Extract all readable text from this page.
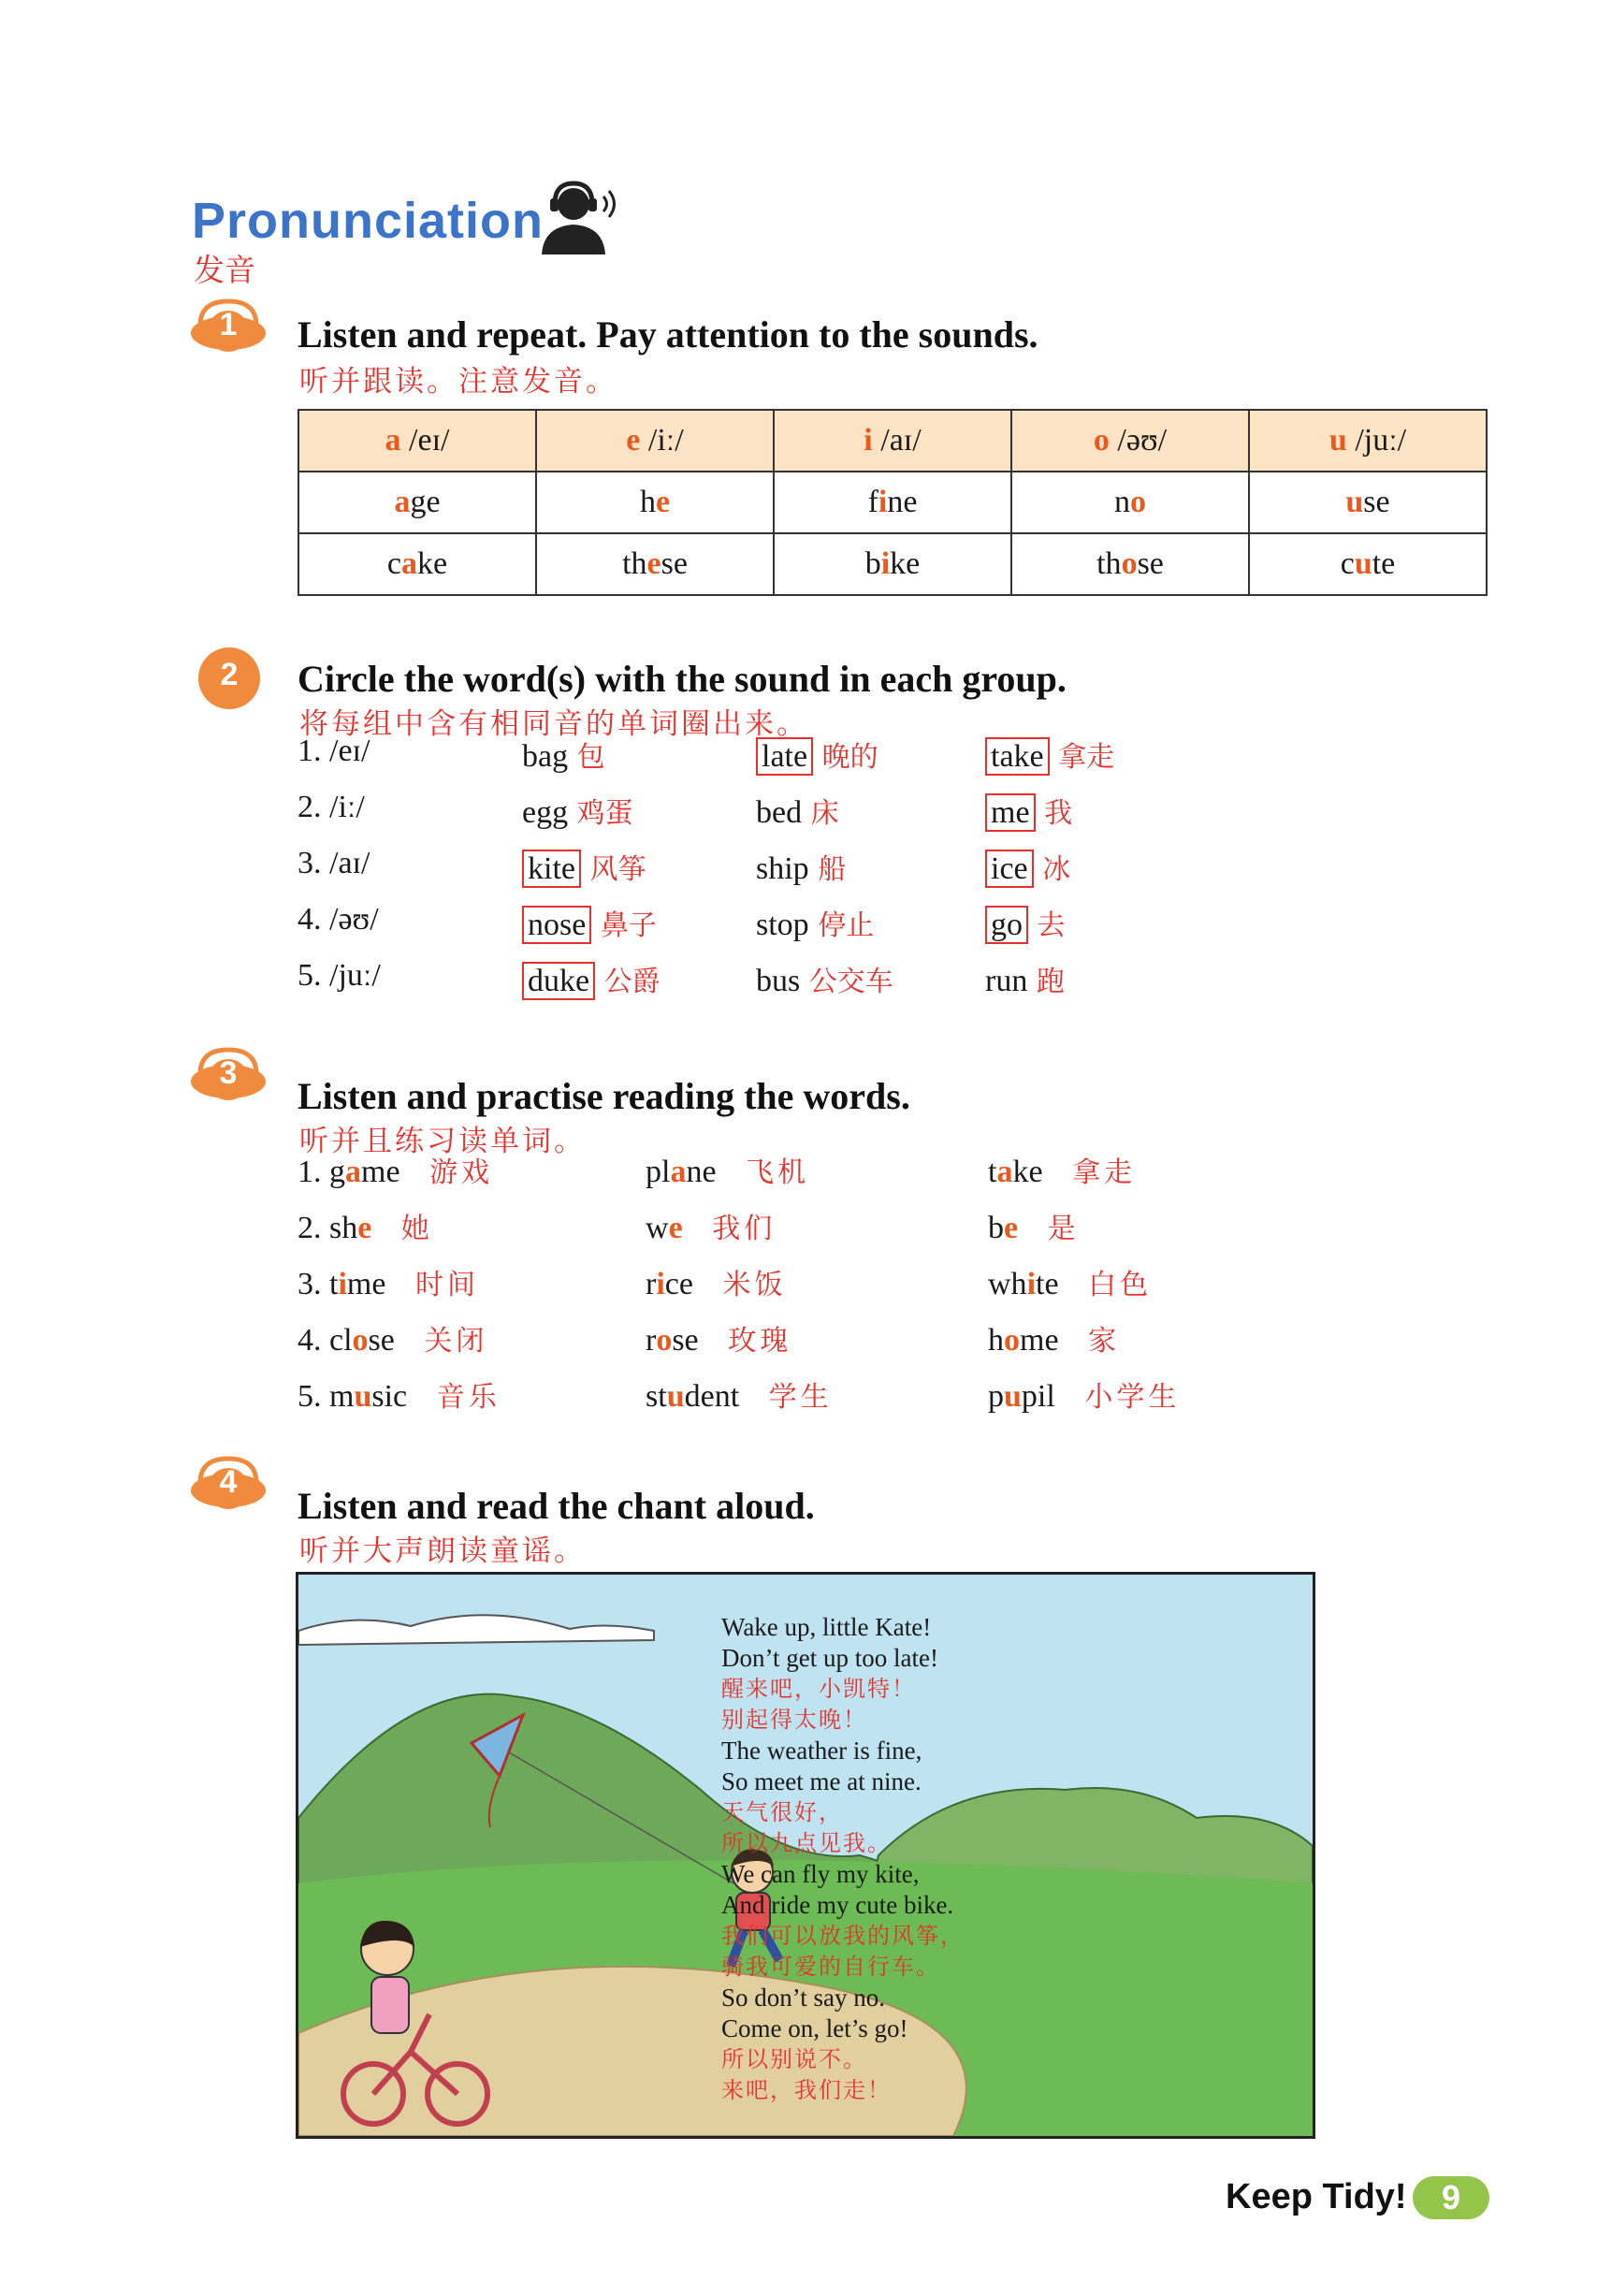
Pronunciation
发音
1	Listen and repeat. Pay attention to the sounds.
听并跟读。注意发音。
a /eɪ/	e /iː/	i /aɪ/	o /əʊ/	u /juː/
age	he	fine	no	use
cake	these	bike	those	cute
2	Circle the word(s) with the sound in each group.
将每组中含有相同音的单词圈出来。
1. /eɪ/	bag 包	late 晚的	take 拿走
2. /iː/	egg 鸡蛋	bed 床	me 我
3. /aɪ/	kite 风筝	ship 船	ice 冰
4. /əʊ/	nose 鼻子	stop 停止	go 去
5. /juː/	duke 公爵	bus 公交车	run 跑
3
Listen and practise reading the words.
听并且练习读单词。
1. game 游戏	plane 飞机	take 拿走
2. she 她	we 我们	be 是
3. time 时间	rice 米饭	white 白色
4. close 关闭	rose 玫瑰	home 家
5. music 音乐	student 学生	pupil 小学生
4
Listen and read the chant aloud.
听并大声朗读童谣。
Wake up, little Kate!
Don’t get up too late!
醒来吧，小凯特！
别起得太晚！
The weather is fine,
So meet me at nine.
天气很好，
所以九点见我。
We can fly my kite,
And ride my cute bike.
我们可以放我的风筝，
骑我可爱的自行车。
So don’t say no.
Come on, let’s go!
所以别说不。
来吧，我们走！
Keep Tidy!	9
